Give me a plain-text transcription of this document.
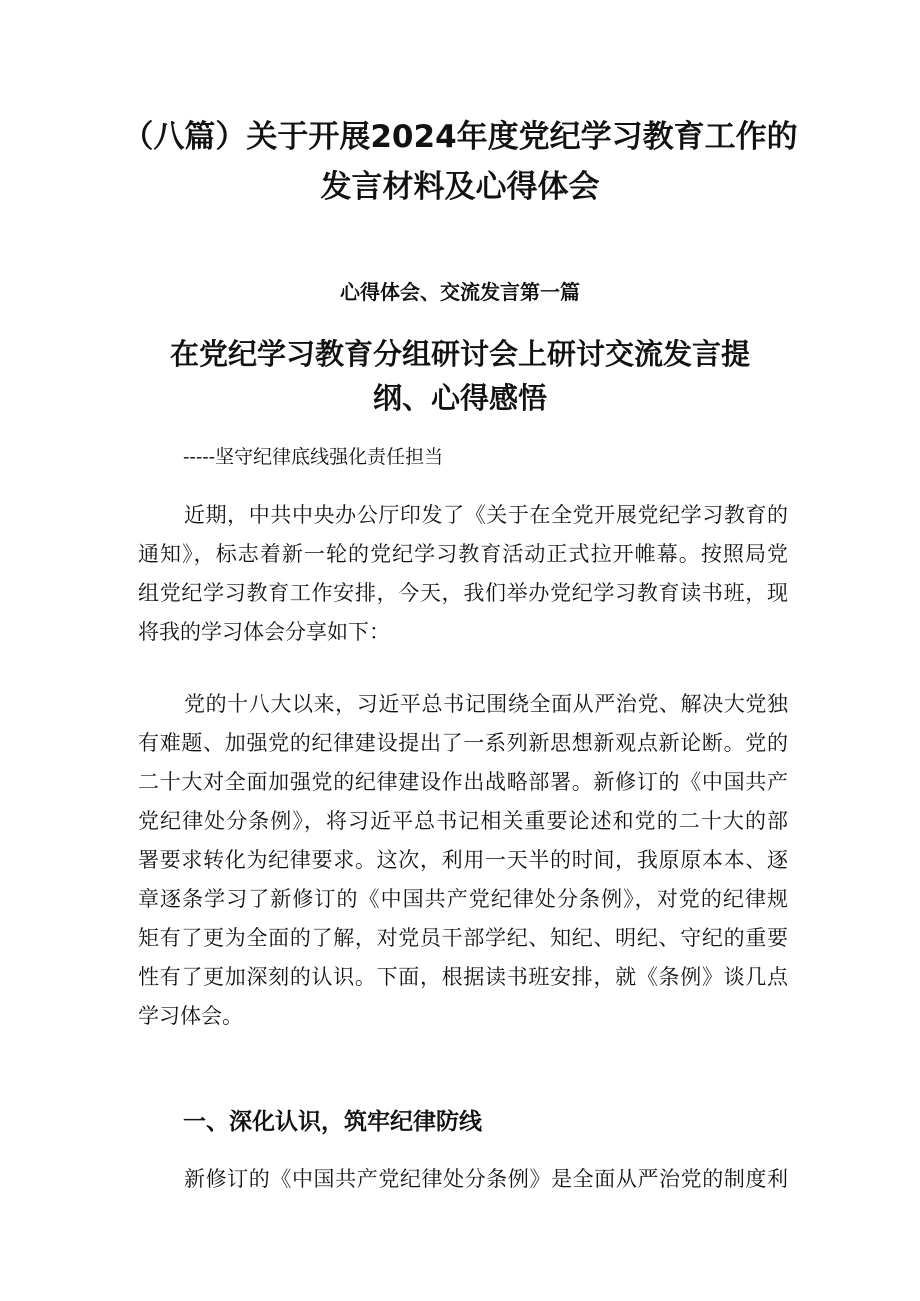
（八篇）关于开展2024年度党纪学习教育工作的
发言材料及心得体会
心得体会、交流发言第一篇
在党纪学习教育分组研讨会上研讨交流发言提
纲、心得感悟

-----坚守纪律底线强化责任担当

近期，中共中央办公厅印发了《关于在全党开展党纪学习教育的
通知》，标志着新一轮的党纪学习教育活动正式拉开帷幕。按照局党
组党纪学习教育工作安排，今天，我们举办党纪学习教育读书班，现
将我的学习体会分享如下：

党的十八大以来，习近平总书记围绕全面从严治党、解决大党独
有难题、加强党的纪律建设提出了一系列新思想新观点新论断。党的
二十大对全面加强党的纪律建设作出战略部署。新修订的《中国共产
党纪律处分条例》，将习近平总书记相关重要论述和党的二十大的部
署要求转化为纪律要求。这次，利用一天半的时间，我原原本本、逐
章逐条学习了新修订的《中国共产党纪律处分条例》，对党的纪律规
矩有了更为全面的了解，对党员干部学纪、知纪、明纪、守纪的重要
性有了更加深刻的认识。下面，根据读书班安排，就《条例》谈几点
学习体会。

一、深化认识，筑牢纪律防线

新修订的《中国共产党纪律处分条例》是全面从严治党的制度利
